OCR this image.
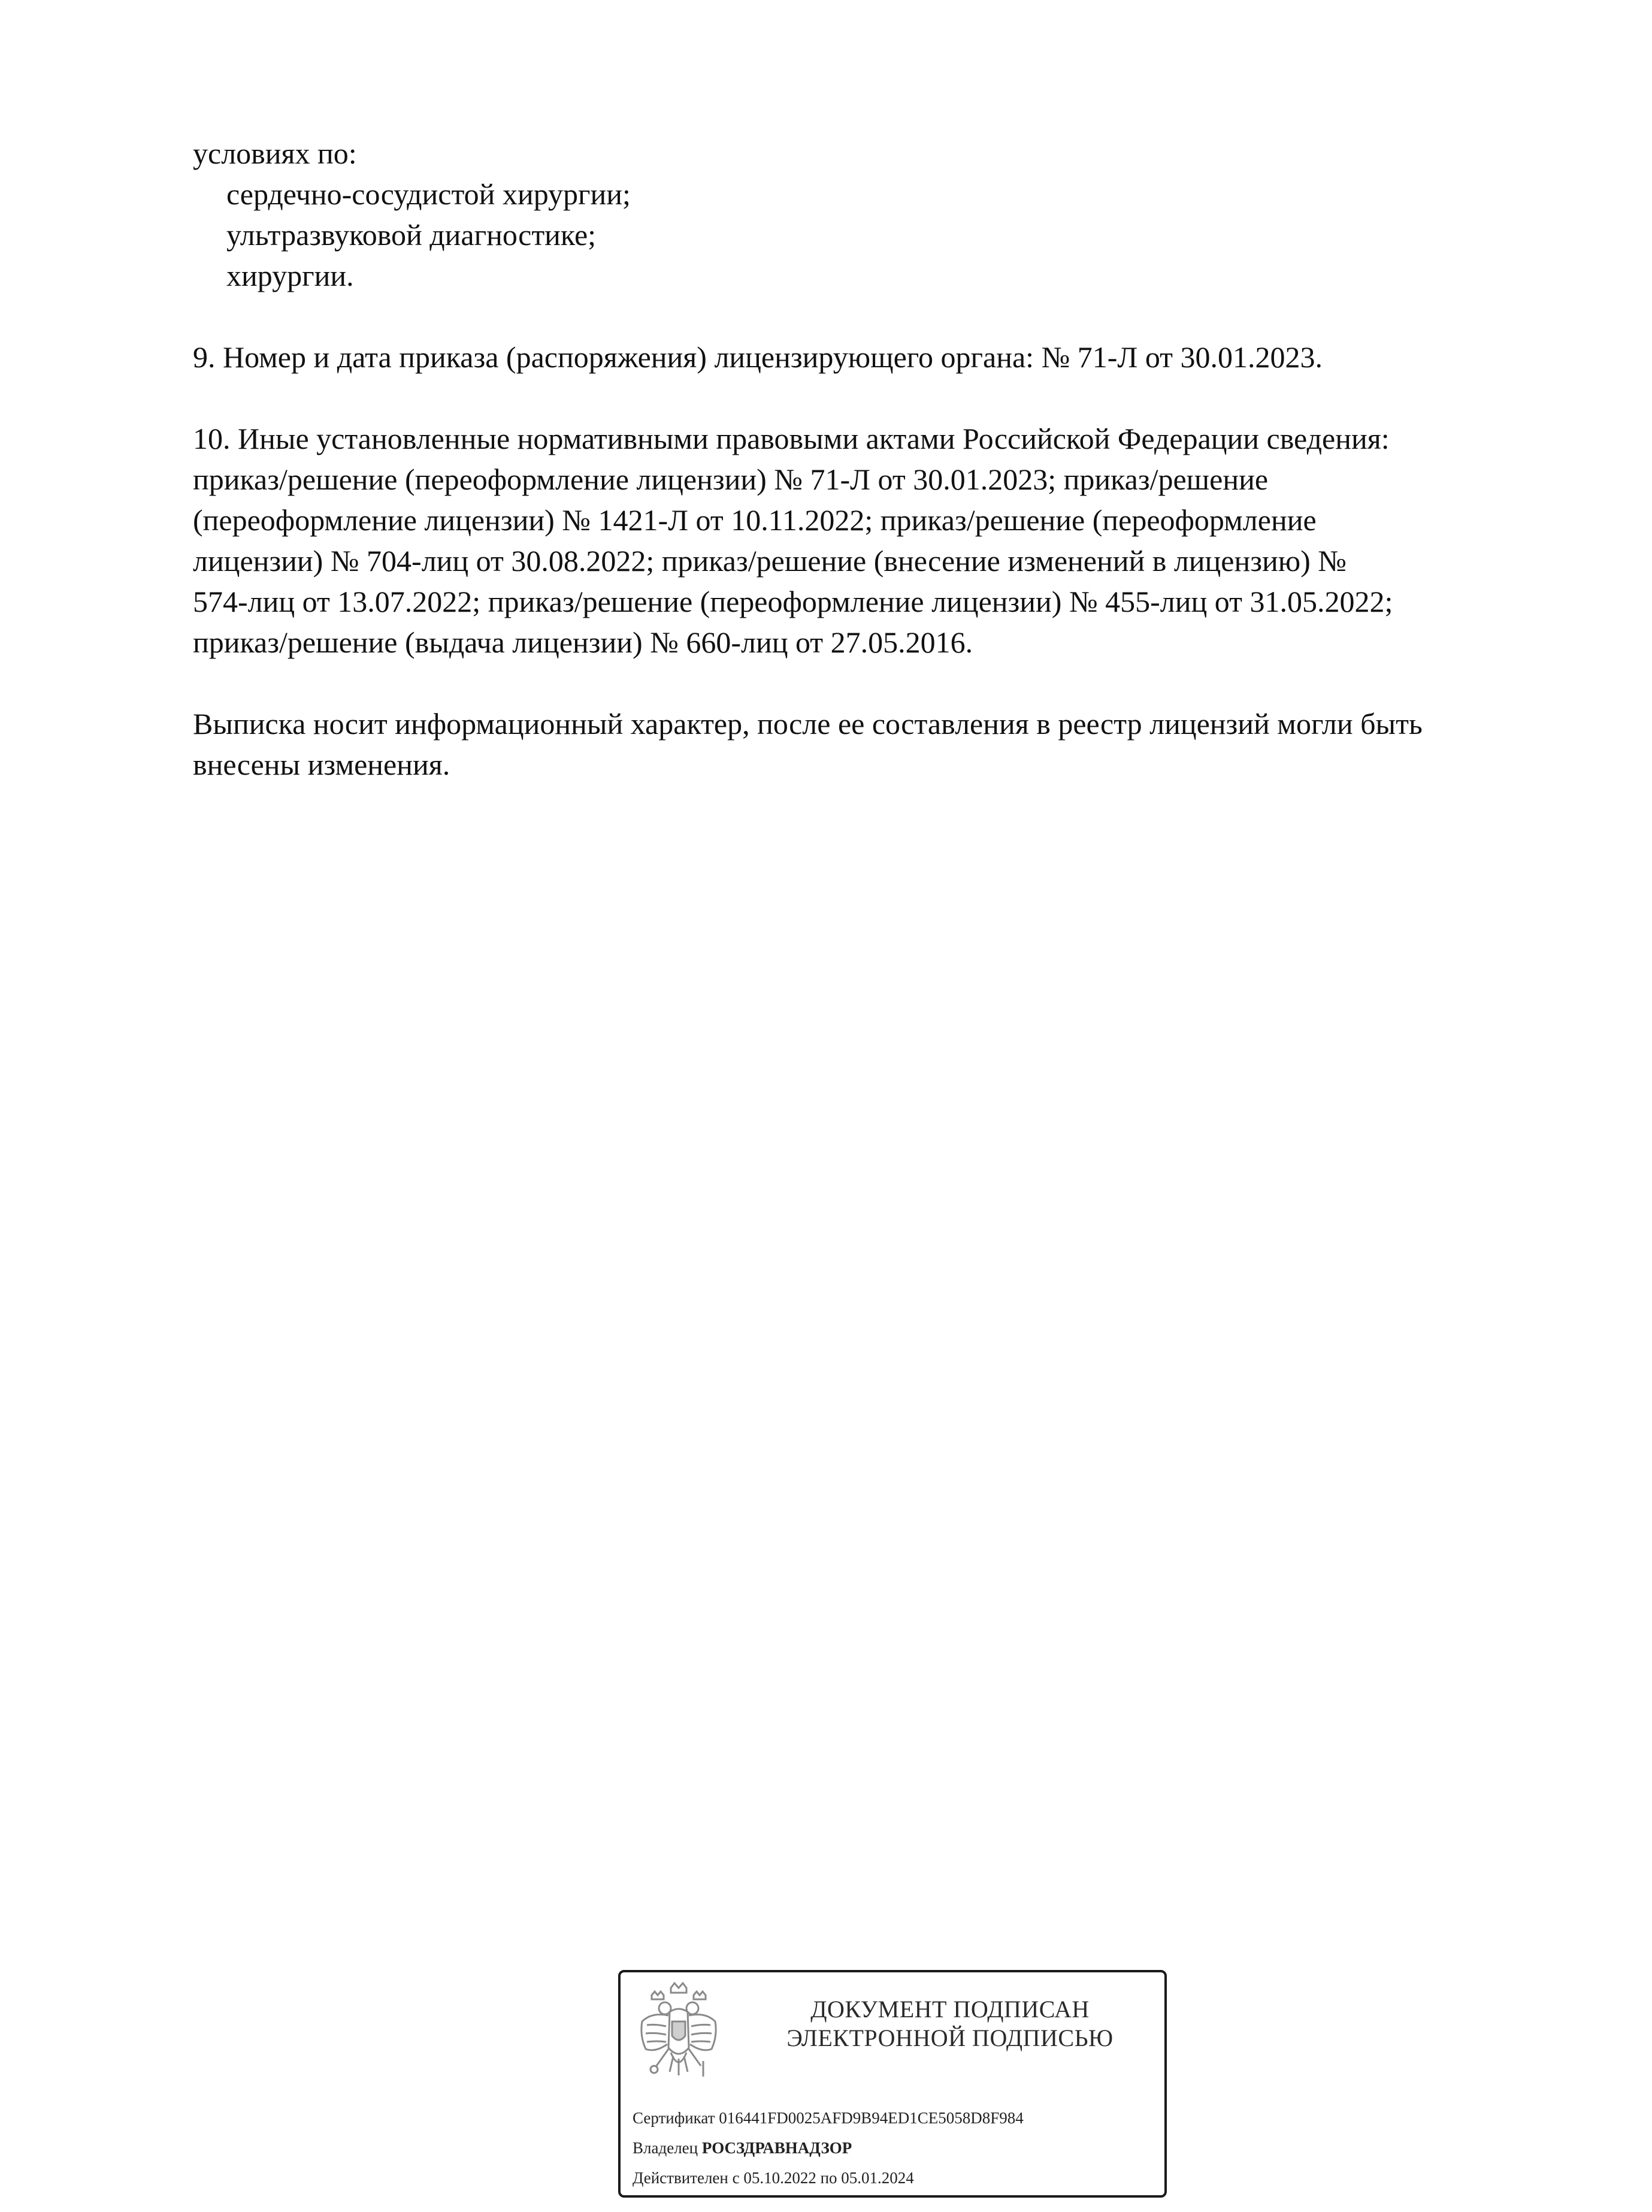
условиях по:
сердечно-сосудистой хирургии;
ультразвуковой диагностике;
хирургии.
9. Номер и дата приказа (распоряжения) лицензирующего органа: № 71-Л от 30.01.2023.
10. Иные установленные нормативными правовыми актами Российской Федерации сведения:
приказ/решение (переоформление лицензии) № 71-Л от 30.01.2023; приказ/решение
(переоформление лицензии) № 1421-Л от 10.11.2022; приказ/решение (переоформление
лицензии) № 704-лиц от 30.08.2022; приказ/решение (внесение изменений в лицензию) №
574-лиц от 13.07.2022; приказ/решение (переоформление лицензии) № 455-лиц от 31.05.2022;
приказ/решение (выдача лицензии) № 660-лиц от 27.05.2016.
Выписка носит информационный характер, после ее составления в реестр лицензий могли быть
внесены изменения.
ДОКУМЕНТ ПОДПИСАН
ЭЛЕКТРОННОЙ ПОДПИСЬЮ
Сертификат 016441FD0025AFD9B94ED1CE5058D8F984
Владелец РОСЗДРАВНАДЗОР
Действителен с 05.10.2022 по 05.01.2024
